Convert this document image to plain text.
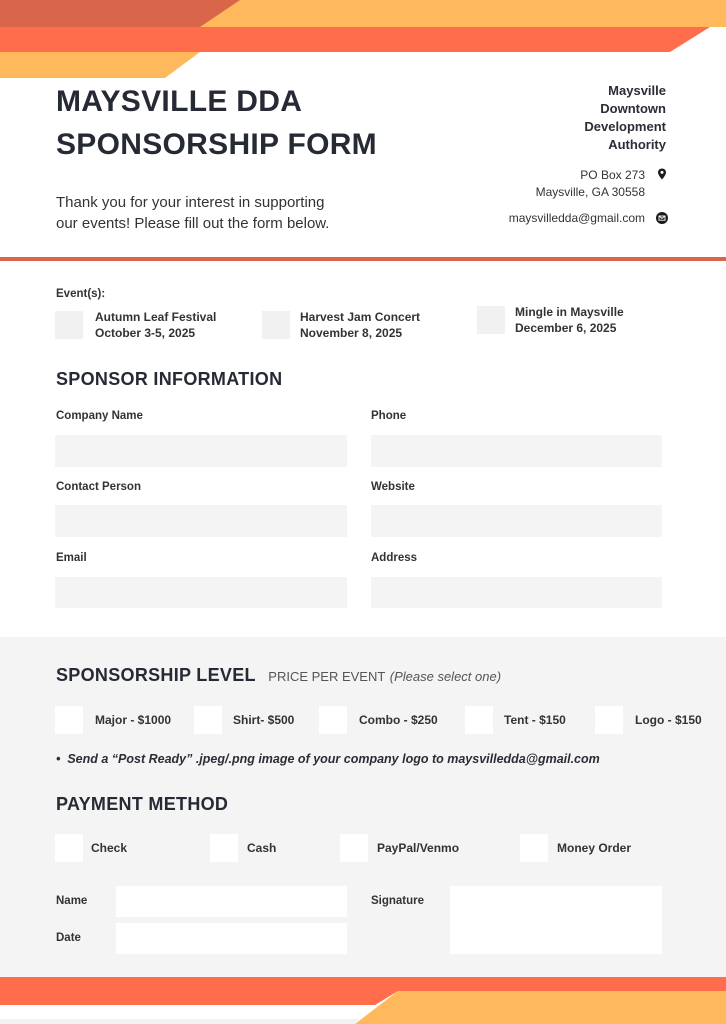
MAYSVILLE DDA
SPONSORSHIP FORM
Thank you for your interest in supporting
our events! Please fill out the form below.
Maysville
Downtown
Development
Authority
PO Box 273
Maysville, GA 30558
maysvilledda@gmail.com
Event(s):
Autumn Leaf Festival
October 3-5, 2025
Harvest Jam Concert
November 8, 2025
Mingle in Maysville
December 6, 2025
SPONSOR INFORMATION
Company Name	Phone
Contact Person	Website
Email	Address
SPONSORSHIP LEVEL PRICE PER EVENT (Please select one)
Major - $1000	Shirt- $500	Combo - $250	Tent - $150	Logo - $150
•  Send a “Post Ready” .jpeg/.png image of your company logo to maysvilledda@gmail.com
PAYMENT METHOD
Check	Cash	PayPal/Venmo	Money Order
Name
Date
Signature
